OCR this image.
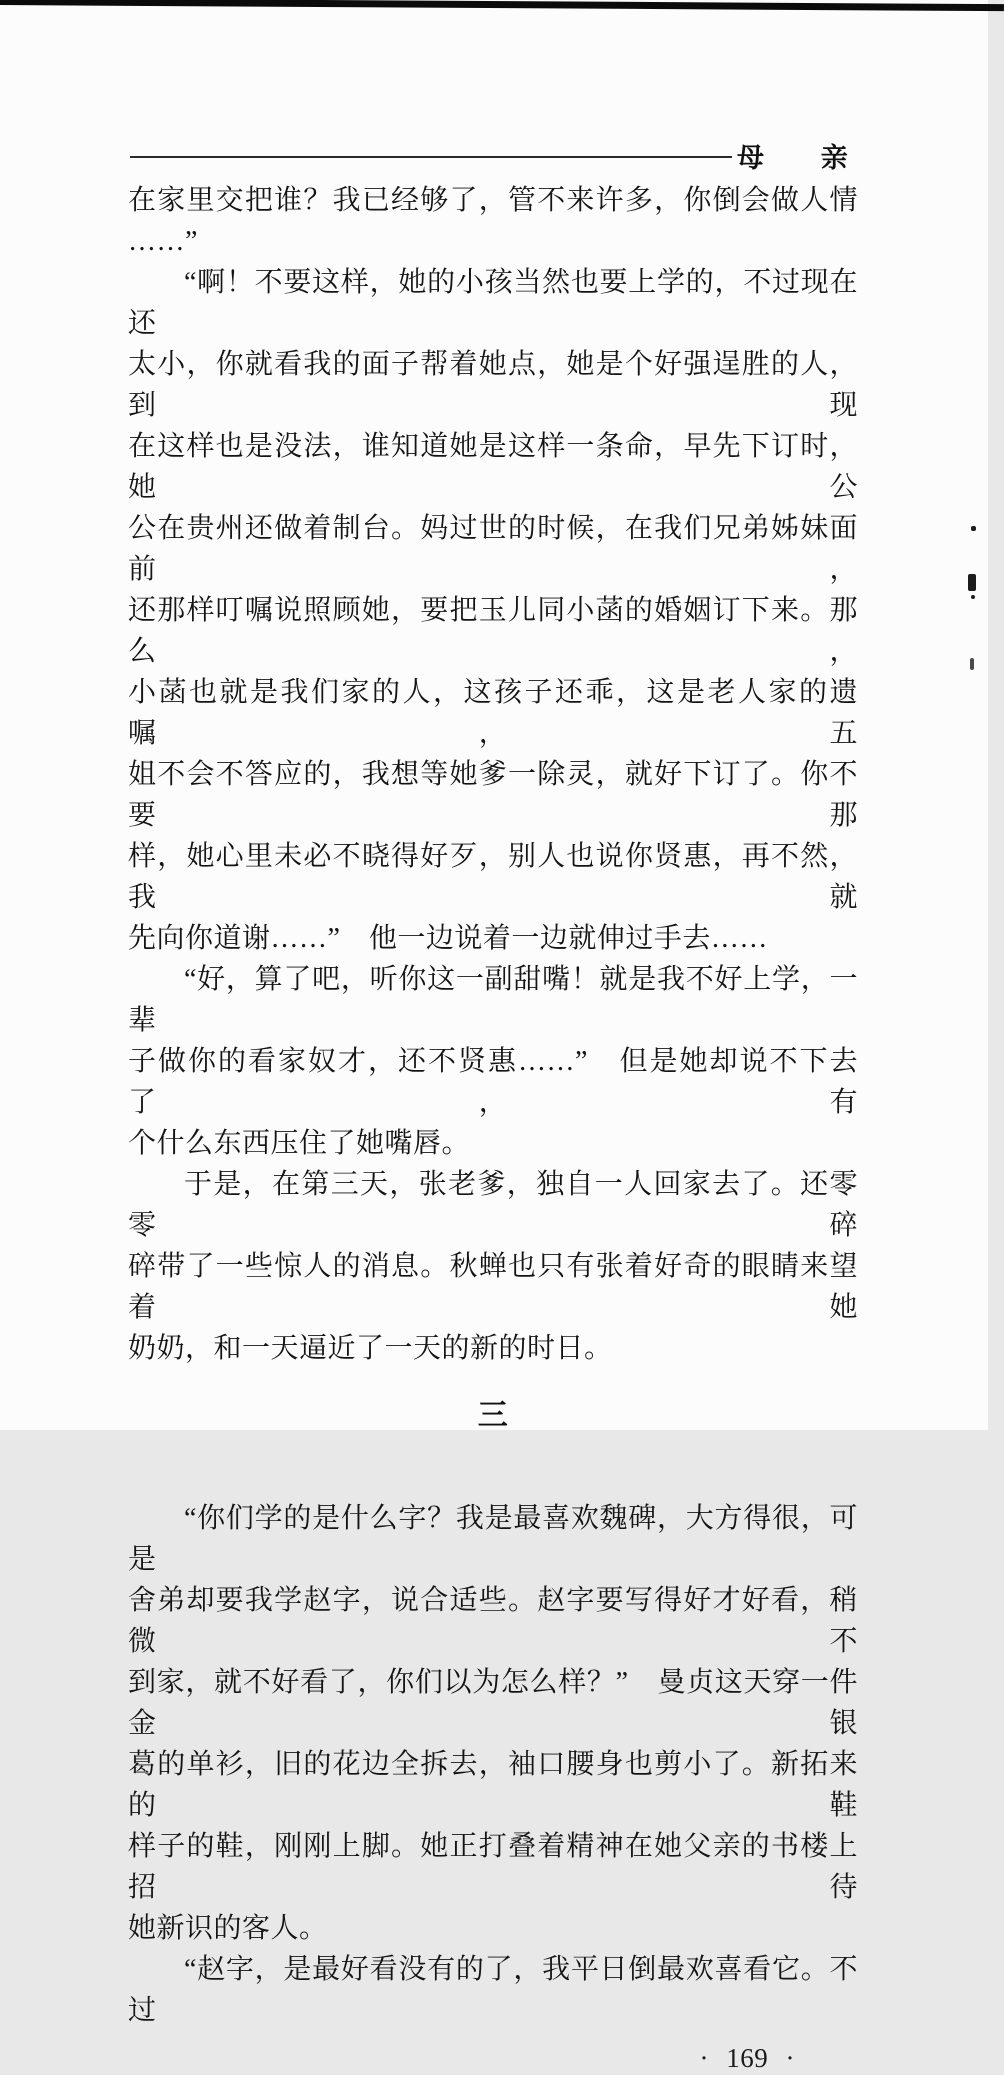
母 亲
在家里交把谁？我已经够了，管不来许多，你倒会做人情
……”
“啊！不要这样，她的小孩当然也要上学的，不过现在还
太小，你就看我的面子帮着她点，她是个好强逞胜的人，到现
在这样也是没法，谁知道她是这样一条命，早先下订时，她公
公在贵州还做着制台。妈过世的时候，在我们兄弟姊妹面前，
还那样叮嘱说照顾她，要把玉儿同小菡的婚姻订下来。那么，
小菡也就是我们家的人，这孩子还乖，这是老人家的遗嘱，五
姐不会不答应的，我想等她爹一除灵，就好下订了。你不要那
样，她心里未必不晓得好歹，别人也说你贤惠，再不然，我就
先向你道谢……”　他一边说着一边就伸过手去……
“好，算了吧，听你这一副甜嘴！就是我不好上学，一辈
子做你的看家奴才，还不贤惠……”　但是她却说不下去了，有
个什么东西压住了她嘴唇。
于是，在第三天，张老爹，独自一人回家去了。还零零碎
碎带了一些惊人的消息。秋蝉也只有张着好奇的眼睛来望着她
奶奶，和一天逼近了一天的新的时日。
三
“你们学的是什么字？我是最喜欢魏碑，大方得很，可是
舍弟却要我学赵字，说合适些。赵字要写得好才好看，稍微不
到家，就不好看了，你们以为怎么样？”　曼贞这天穿一件金银
葛的单衫，旧的花边全拆去，袖口腰身也剪小了。新拓来的鞋
样子的鞋，刚刚上脚。她正打叠着精神在她父亲的书楼上招待
她新识的客人。
“赵字，是最好看没有的了，我平日倒最欢喜看它。不过
· 169 ·
